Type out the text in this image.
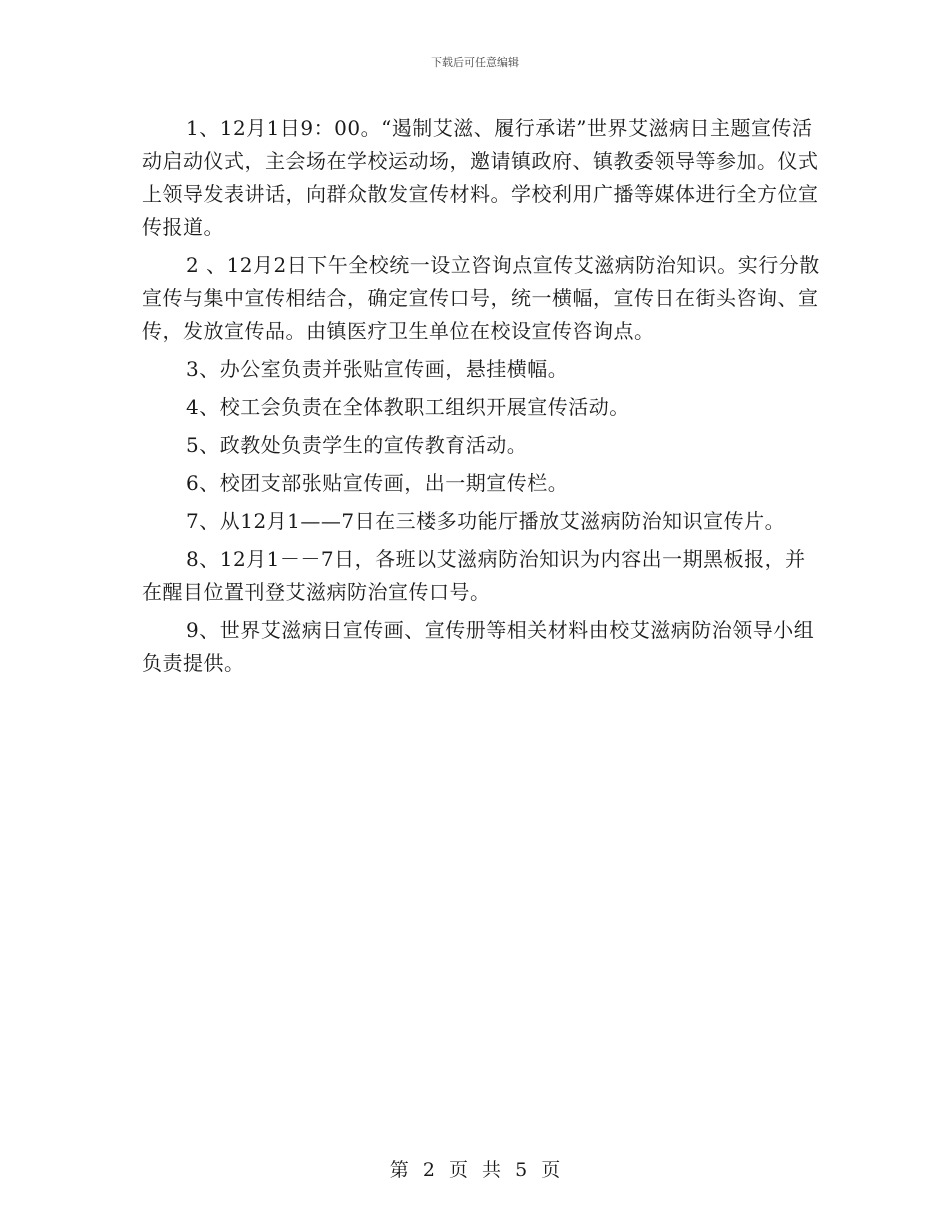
下载后可任意编辑

1、12月1日9：00。“遏制艾滋、履行承诺”世界艾滋病日主题宣传活动启动仪式，主会场在学校运动场，邀请镇政府、镇教委领导等参加。仪式上领导发表讲话，向群众散发宣传材料。学校利用广播等媒体进行全方位宣传报道。

2 、12月2日下午全校统一设立咨询点宣传艾滋病防治知识。实行分散宣传与集中宣传相结合，确定宣传口号，统一横幅，宣传日在街头咨询、宣传，发放宣传品。由镇医疗卫生单位在校设宣传咨询点。

3、办公室负责并张贴宣传画，悬挂横幅。

4、校工会负责在全体教职工组织开展宣传活动。

5、政教处负责学生的宣传教育活动。

6、校团支部张贴宣传画，出一期宣传栏。

7、从12月1——7日在三楼多功能厅播放艾滋病防治知识宣传片。

8、12月1－－7日，各班以艾滋病防治知识为内容出一期黑板报，并在醒目位置刊登艾滋病防治宣传口号。

9、世界艾滋病日宣传画、宣传册等相关材料由校艾滋病防治领导小组负责提供。

第 2 页 共 5 页
